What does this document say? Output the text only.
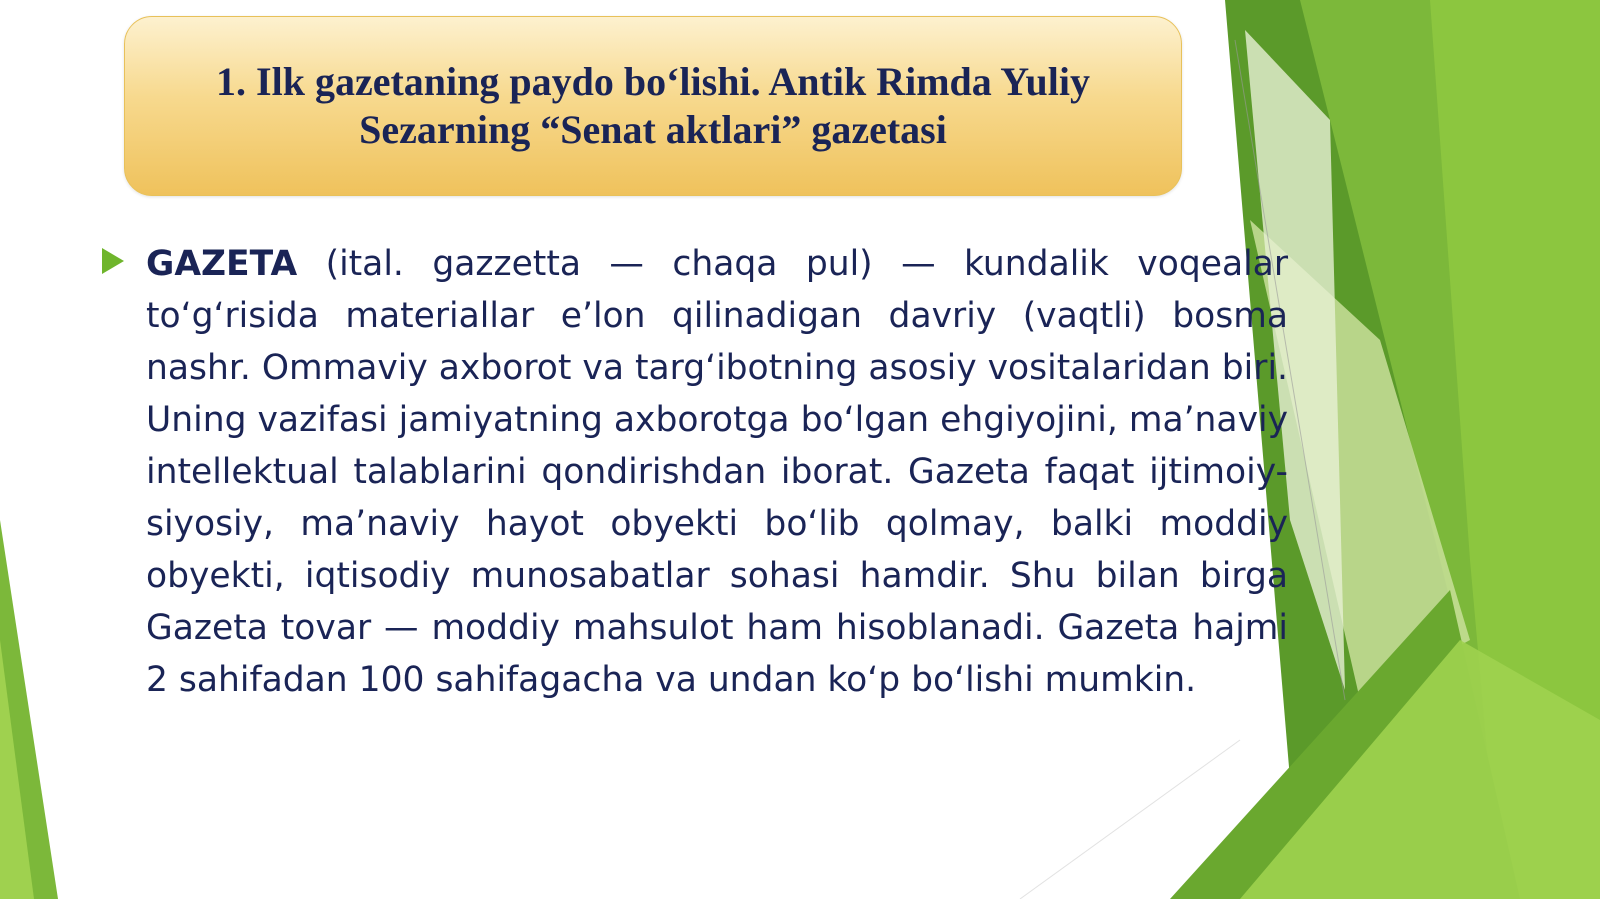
1. Ilk gazetaning paydo bo‘lishi. Antik Rimda Yuliy Sezarning “Senat aktlari” gazetasi

GAZETA (ital. gazzetta — chaqa pul) — kundalik voqealar to‘g‘risida materiallar e’lon qilinadigan davriy (vaqtli) bosma nashr. Ommaviy axborot va targ‘ibotning asosiy vositalaridan biri. Uning vazifasi jamiyatning axborotga bo‘lgan ehgiyojini, ma’naviy intellektual talablarini qondirishdan iborat. Gazeta faqat ijtimoiy-siyosiy, ma’naviy hayot obyekti bo‘lib qolmay, balki moddiy obyekti, iqtisodiy munosabatlar sohasi hamdir. Shu bilan birga Gazeta tovar — moddiy mahsulot ham hisoblanadi. Gazeta hajmi 2 sahifadan 100 sahifagacha va undan ko‘p bo‘lishi mumkin.
